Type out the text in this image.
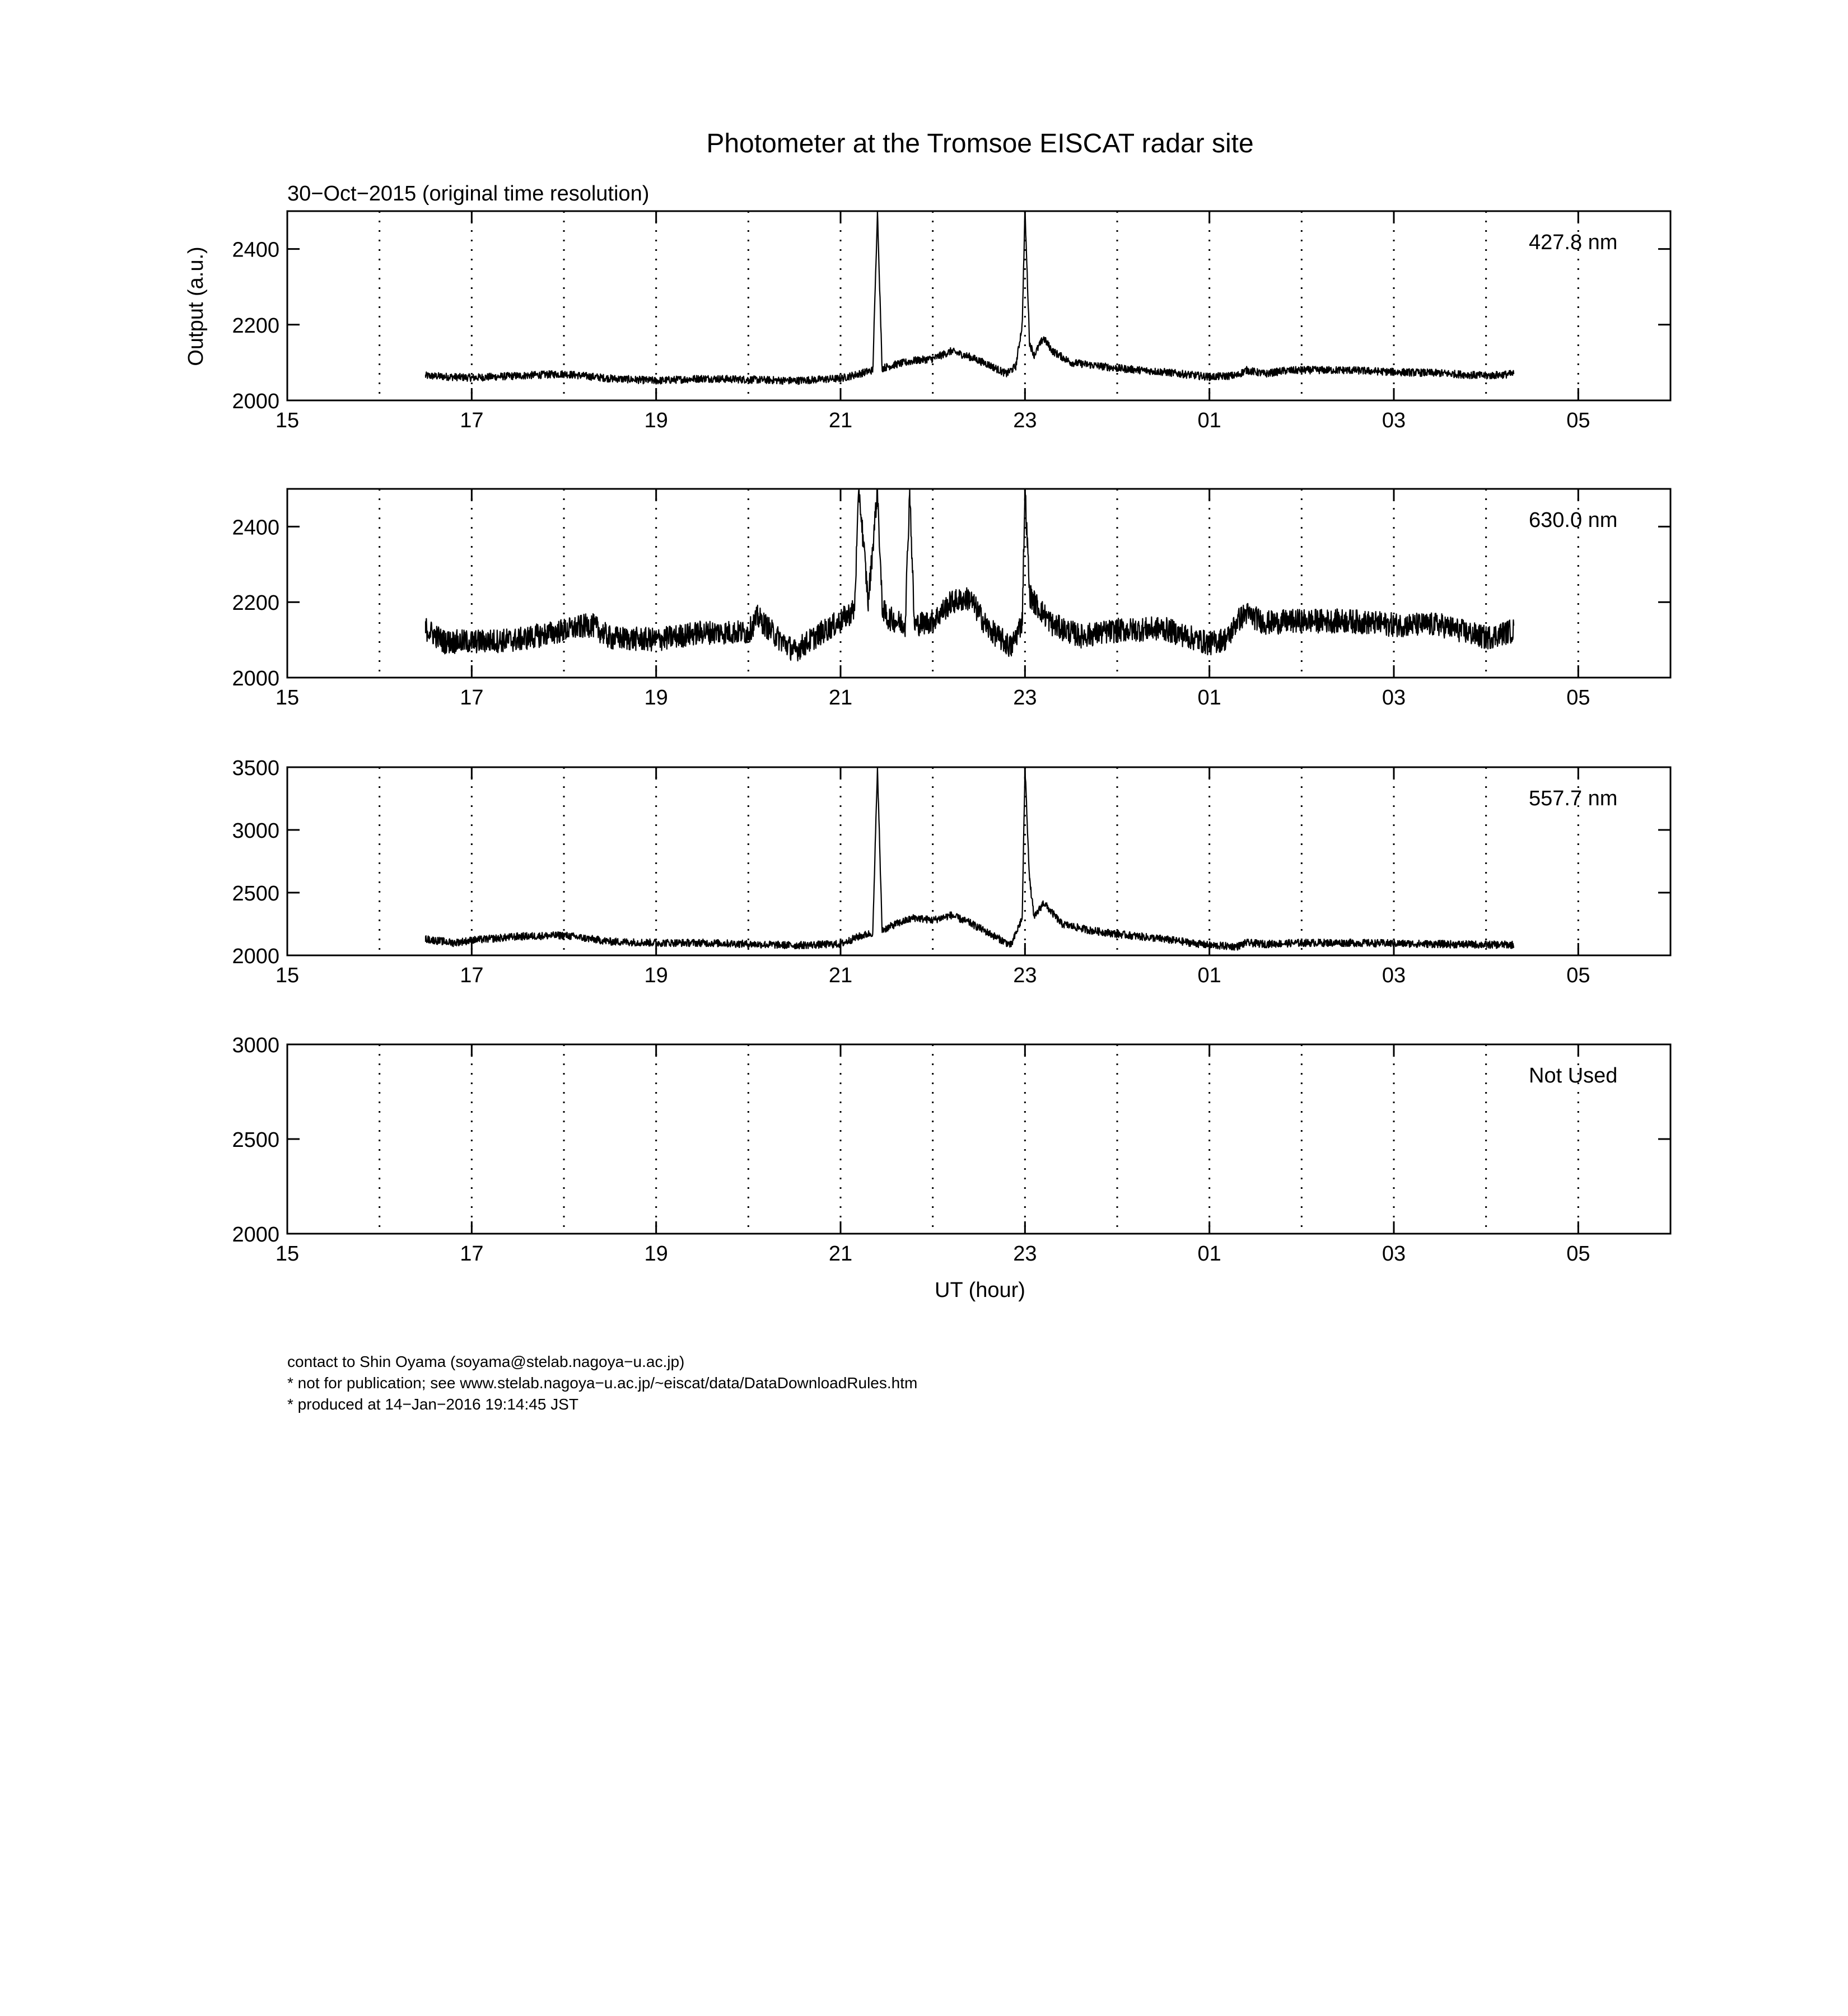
Photometer at the Tromsoe EISCAT radar site
30−Oct−2015 (original time resolution)
Output (a.u.)
UT (hour)
15	17	19	21	23	01	03	05
2000
2200
2400	427.8 nm
15	17	19	21	23	01	03	05
2000
2200
2400	630.0 nm
15	17	19	21	23	01	03	05
2000
2500
3000
3500
557.7 nm
15	17	19	21	23	01	03	05
2000
2500
3000
Not Used
contact to Shin Oyama (soyama@stelab.nagoya−u.ac.jp)
* not for publication; see www.stelab.nagoya−u.ac.jp/~eiscat/data/DataDownloadRules.htm
* produced at 14−Jan−2016 19:14:45 JST
